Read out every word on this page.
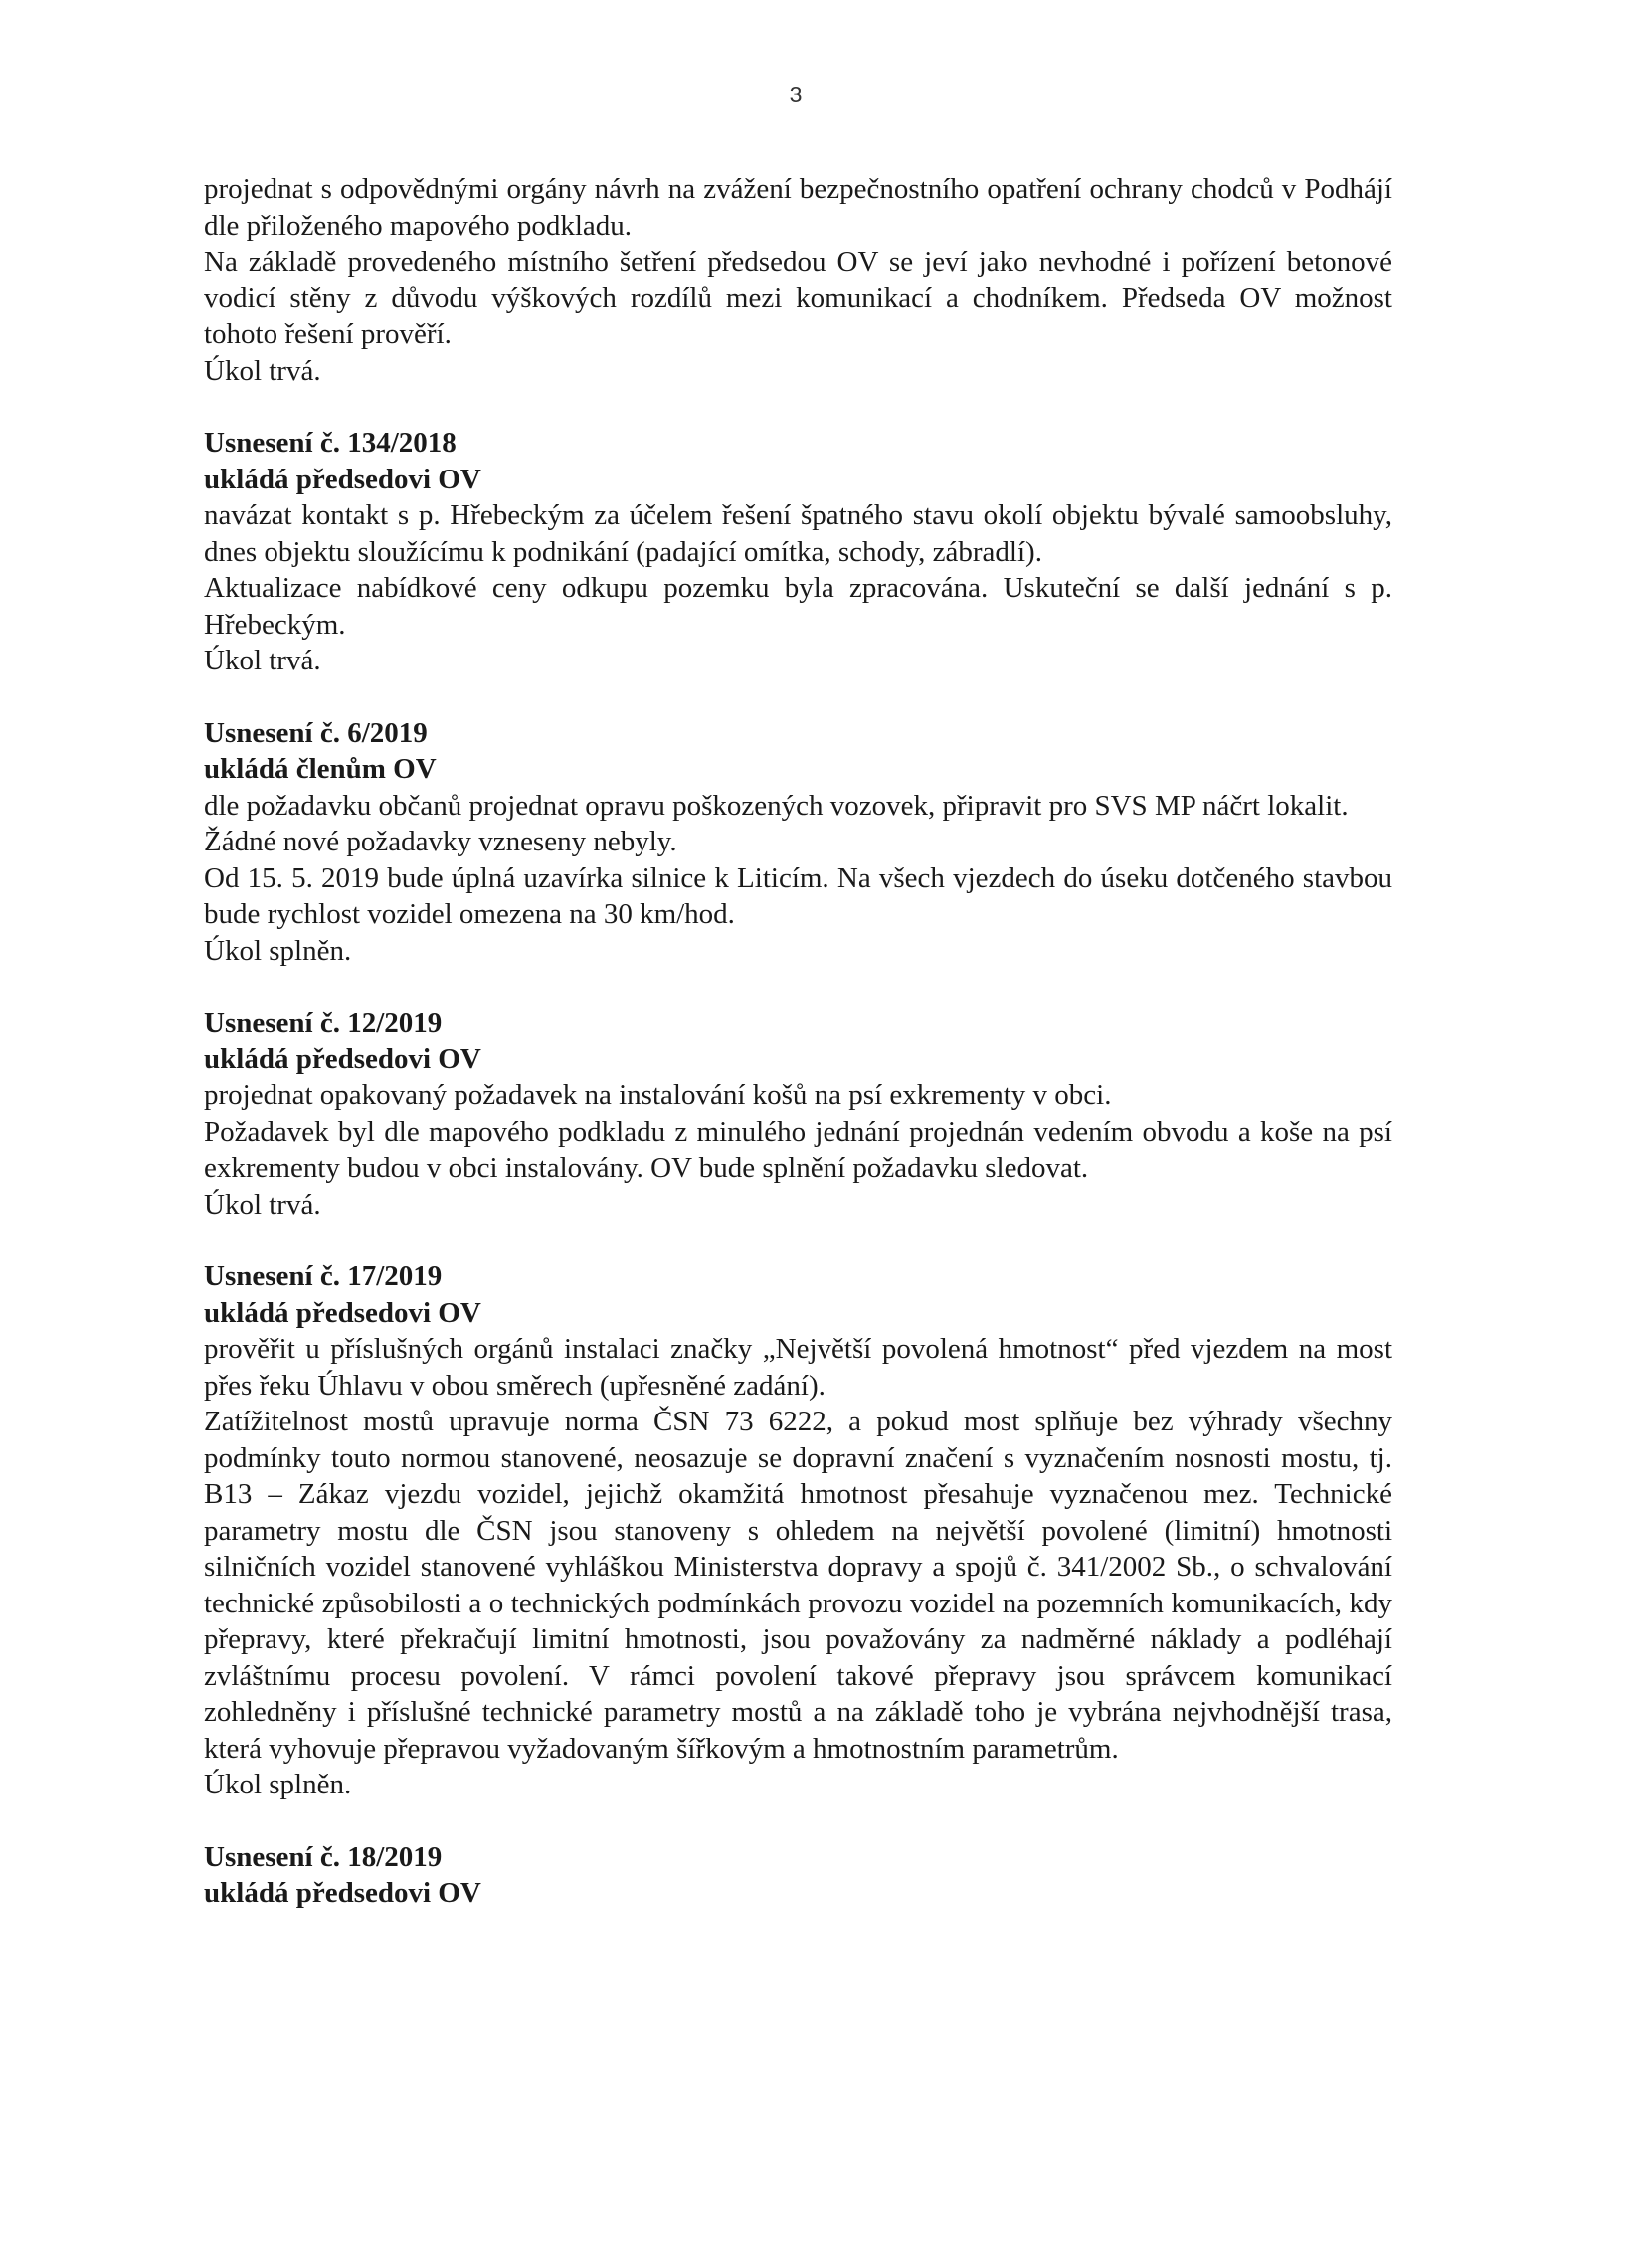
3

projednat s odpovědnými orgány návrh na zvážení bezpečnostního opatření ochrany chodců v Podhájí dle přiloženého mapového podkladu.

Na základě provedeného místního šetření předsedou OV se jeví jako nevhodné i pořízení betonové vodicí stěny z důvodu výškových rozdílů mezi komunikací a chodníkem. Předseda OV možnost tohoto řešení prověří.

Úkol trvá.

Usnesení č. 134/2018

ukládá předsedovi OV

navázat kontakt s p. Hřebeckým za účelem řešení špatného stavu okolí objektu bývalé samoobsluhy, dnes objektu sloužícímu k podnikání (padající omítka, schody, zábradlí).

Aktualizace nabídkové ceny odkupu pozemku byla zpracována. Uskuteční se další jednání s p. Hřebeckým.

Úkol trvá.

Usnesení č. 6/2019

ukládá členům OV

dle požadavku občanů projednat opravu poškozených vozovek, připravit pro SVS MP náčrt lokalit.

Žádné nové požadavky vzneseny nebyly.

Od 15. 5. 2019 bude úplná uzavírka silnice k Liticím. Na všech vjezdech do úseku dotčeného stavbou bude rychlost vozidel omezena na 30 km/hod.

Úkol splněn.

Usnesení č. 12/2019

ukládá předsedovi OV

projednat opakovaný požadavek na instalování košů na psí exkrementy v obci.

Požadavek byl dle mapového podkladu z minulého jednání projednán vedením obvodu a koše na psí exkrementy budou v obci instalovány. OV bude splnění požadavku sledovat.

Úkol trvá.

Usnesení č. 17/2019

ukládá předsedovi OV

prověřit u příslušných orgánů instalaci značky „Největší povolená hmotnost“ před vjezdem na most přes řeku Úhlavu v obou směrech (upřesněné zadání).

Zatížitelnost mostů upravuje norma ČSN 73 6222, a pokud most splňuje bez výhrady všechny podmínky touto normou stanovené, neosazuje se dopravní značení s vyznačením nosnosti mostu, tj. B13 – Zákaz vjezdu vozidel, jejichž okamžitá hmotnost přesahuje vyznačenou mez. Technické parametry mostu dle ČSN jsou stanoveny s ohledem na největší povolené (limitní) hmotnosti silničních vozidel stanovené vyhláškou Ministerstva dopravy a spojů č. 341/2002 Sb., o schvalování technické způsobilosti a o technických podmínkách provozu vozidel na pozemních komunikacích, kdy přepravy, které překračují limitní hmotnosti, jsou považovány za nadměrné náklady a podléhají zvláštnímu procesu povolení. V rámci povolení takové přepravy jsou správcem komunikací zohledněny i příslušné technické parametry mostů a na základě toho je vybrána nejvhodnější trasa, která vyhovuje přepravou vyžadovaným šířkovým a hmotnostním parametrům.

Úkol splněn.

Usnesení č. 18/2019

ukládá předsedovi OV
